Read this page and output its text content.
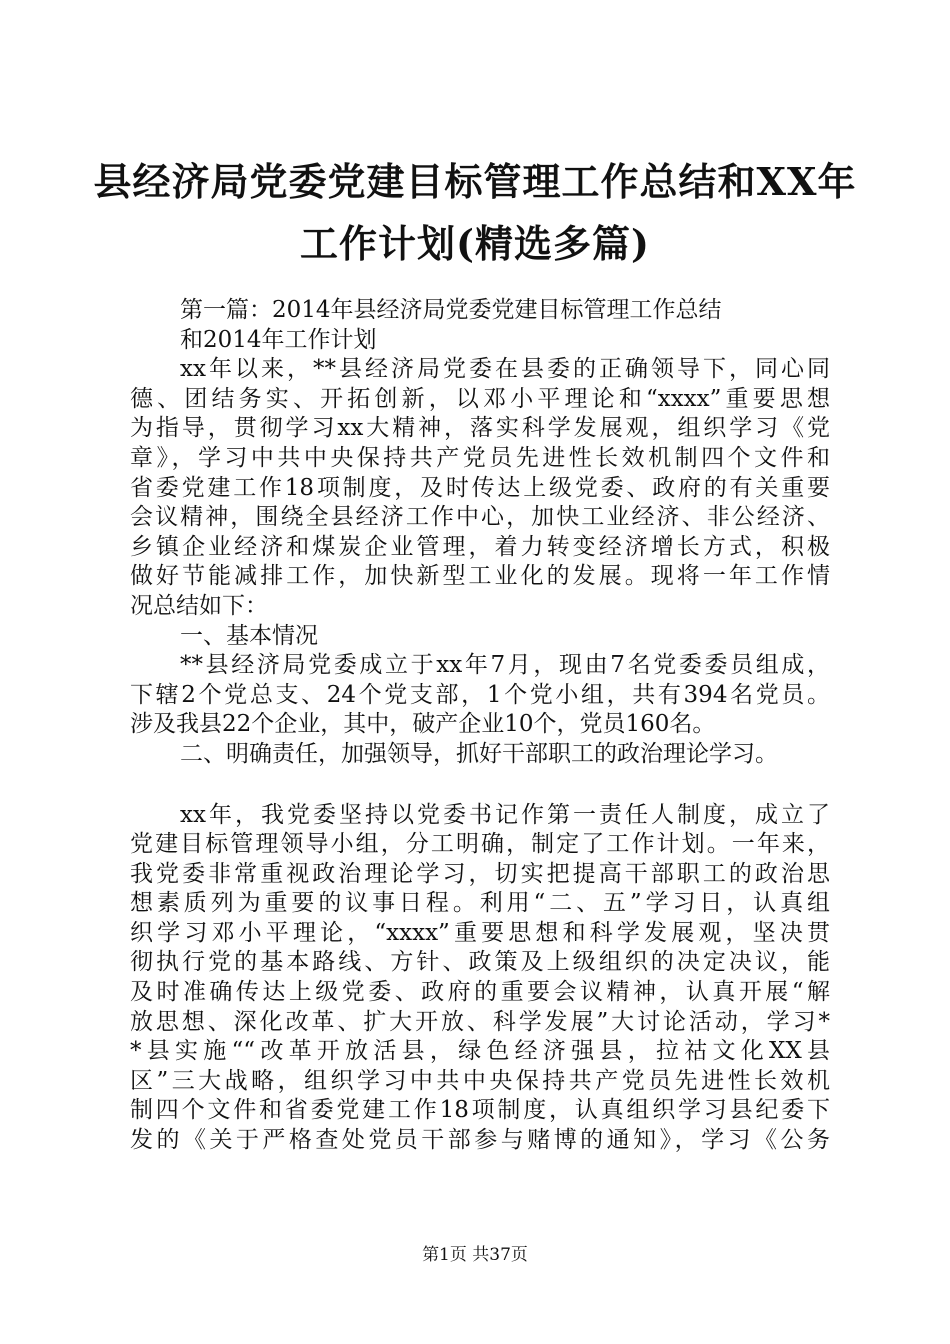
县经济局党委党建目标管理工作总结和XX年
工作计划(精选多篇)
第一篇：2014年县经济局党委党建目标管理工作总结
和2014年工作计划
xx年以来，**县经济局党委在县委的正确领导下，同心同
德、团结务实、开拓创新，以邓小平理论和“xxxx”重要思想
为指导，贯彻学习xx大精神，落实科学发展观，组织学习《党
章》，学习中共中央保持共产党员先进性长效机制四个文件和
省委党建工作18项制度，及时传达上级党委、政府的有关重要
会议精神，围绕全县经济工作中心，加快工业经济、非公经济、
乡镇企业经济和煤炭企业管理，着力转变经济增长方式，积极
做好节能减排工作，加快新型工业化的发展。现将一年工作情
况总结如下：
一、基本情况
**县经济局党委成立于xx年7月，现由7名党委委员组成，
下辖2个党总支、24个党支部，1个党小组，共有394名党员。
涉及我县22个企业，其中，破产企业10个，党员160名。
二、明确责任，加强领导，抓好干部职工的政治理论学习。
xx年，我党委坚持以党委书记作第一责任人制度，成立了
党建目标管理领导小组，分工明确，制定了工作计划。一年来，
我党委非常重视政治理论学习，切实把提高干部职工的政治思
想素质列为重要的议事日程。利用“二、五”学习日，认真组
织学习邓小平理论，“xxxx”重要思想和科学发展观，坚决贯
彻执行党的基本路线、方针、政策及上级组织的决定决议，能
及时准确传达上级党委、政府的重要会议精神，认真开展“解
放思想、深化改革、扩大开放、科学发展”大讨论活动，学习*
*县实施““改革开放活县，绿色经济强县，拉祜文化XX县
区”三大战略，组织学习中共中央保持共产党员先进性长效机
制四个文件和省委党建工作18项制度，认真组织学习县纪委下
发的《关于严格查处党员干部参与赌博的通知》，学习《公务
第1页 共37页
